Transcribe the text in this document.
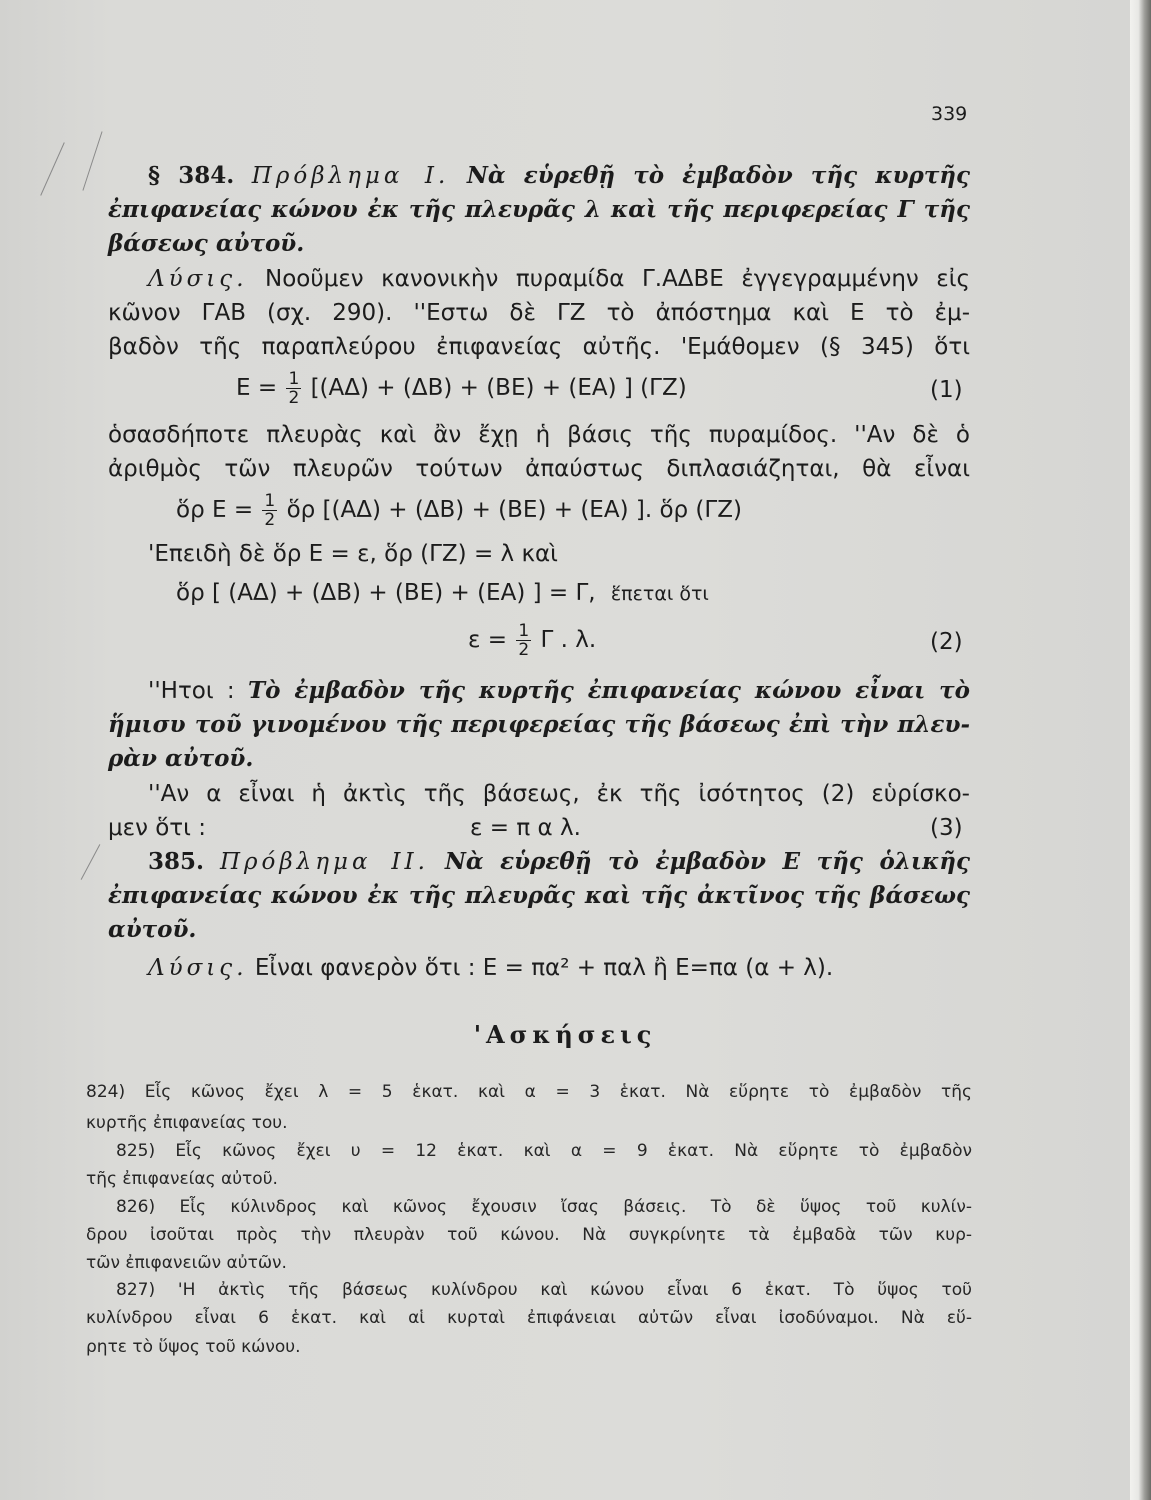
339
§ 384. Πρόβλημα Ι. Νὰ εὑρεθῇ τὸ ἐμβαδὸν τῆς κυρτῆς
ἐπιφανείας κώνου ἐκ τῆς πλευρᾶς λ καὶ τῆς περιφερείας Γ τῆς
βάσεως αὐτοῦ.
Λύσις. Νοοῦμεν κανονικὴν πυραμίδα Γ.ΑΔΒΕ ἐγγεγραμμένην εἰς
κῶνον ΓΑΒ (σχ. 290). ''Εστω δὲ ΓΖ τὸ ἀπόστημα καὶ Ε τὸ ἐμ-
βαδὸν τῆς παραπλεύρου ἐπιφανείας αὐτῆς. 'Εμάθομεν (§ 345) ὅτι
$E = \frac{1}{2} [(A\Delta) + (\Delta B) + (BE) + (EA)$ ] (ΓΖ)	(1)
ὁσασδήποτε πλευρὰς καὶ ἂν ἔχῃ ἡ βάσις τῆς πυραμίδος. ''Αν δὲ ὁ
ἀριθμὸς τῶν πλευρῶν τούτων ἀπαύστως διπλασιάζηται, θὰ εἶναι
ὅρ $E = \frac{1}{2}$ ὅρ [(ΑΔ) + (ΔΒ) + (ΒΕ) + (ΕΑ) ]. ὅρ (ΓΖ)
'Επειδὴ δὲ ὅρ Ε = ε, ὅρ (ΓΖ) = λ καὶ
ὅρ [ (ΑΔ) + (ΔΒ) + (ΒΕ) + (ΕΑ) ] = Γ, ἕπεται ὅτι
$\varepsilon = \frac{1}{2}$ Γ . λ.	(2)
''Ητοι : Τὸ ἐμβαδὸν τῆς κυρτῆς ἐπιφανείας κώνου εἶναι τὸ
ἥμισυ τοῦ γινομένου τῆς περιφερείας τῆς βάσεως ἐπὶ τὴν πλευ-
ρὰν αὐτοῦ.
''Αν α εἶναι ἡ ἀκτὶς τῆς βάσεως, ἐκ τῆς ἰσότητος (2) εὑρίσκο-
μεν ὅτι :	ε = π α λ.	(3)
385. Πρόβλημα ΙΙ. Νὰ εὑρεθῇ τὸ ἐμβαδὸν Ε τῆς ὁλικῆς
ἐπιφανείας κώνου ἐκ τῆς πλευρᾶς καὶ τῆς ἀκτῖνος τῆς βάσεως
αὐτοῦ.
Λύσις. Εἶναι φανερὸν ὅτι : Ε = πα² + παλ ἢ Ε=πα (α + λ).
'Ασκήσεις
824) Εἷς κῶνος ἔχει λ = 5 ἑκατ. καὶ α = 3 ἑκατ. Νὰ εὕρητε τὸ ἐμβαδὸν τῆς
κυρτῆς ἐπιφανείας του.
825) Εἷς κῶνος ἔχει υ = 12 ἑκατ. καὶ α = 9 ἑκατ. Νὰ εὕρητε τὸ ἐμβαδὸν
τῆς ἐπιφανείας αὐτοῦ.
826) Εἷς κύλινδρος καὶ κῶνος ἔχουσιν ἴσας βάσεις. Τὸ δὲ ὕψος τοῦ κυλίν-
δρου ἰσοῦται πρὸς τὴν πλευρὰν τοῦ κώνου. Νὰ συγκρίνητε τὰ ἐμβαδὰ τῶν κυρ-
τῶν ἐπιφανειῶν αὐτῶν.
827) 'Η ἀκτὶς τῆς βάσεως κυλίνδρου καὶ κώνου εἶναι 6 ἑκατ. Τὸ ὕψος τοῦ
κυλίνδρου εἶναι 6 ἑκατ. καὶ αἱ κυρταὶ ἐπιφάνειαι αὐτῶν εἶναι ἰσοδύναμοι. Νὰ εὕ-
ρητε τὸ ὕψος τοῦ κώνου.
